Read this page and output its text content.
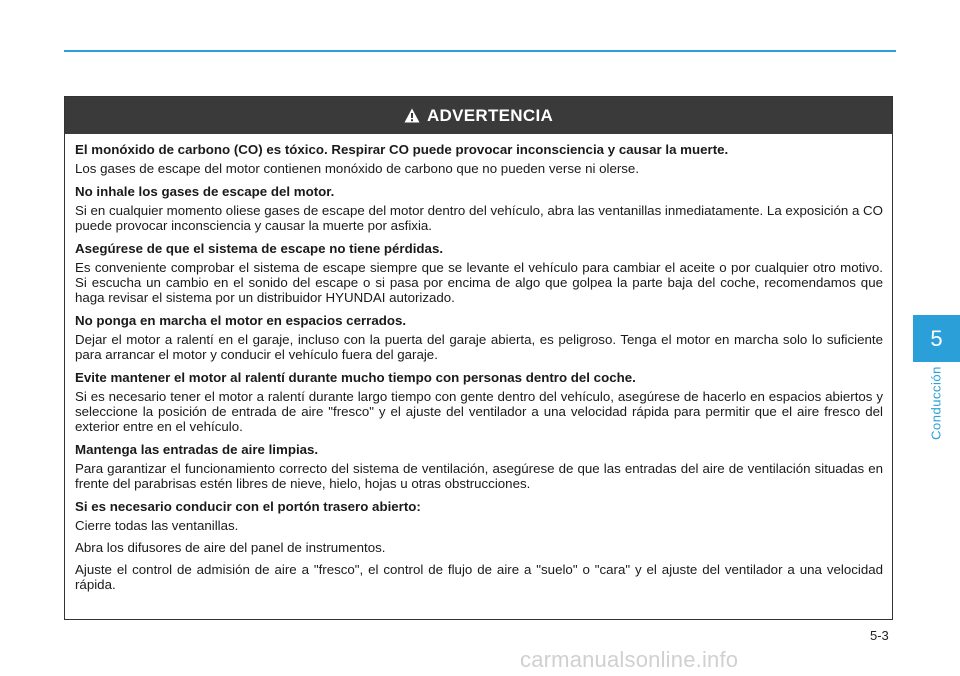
ADVERTENCIA

El monóxido de carbono (CO) es tóxico. Respirar CO puede provocar inconsciencia y causar la muerte.

Los gases de escape del motor contienen monóxido de carbono que no pueden verse ni olerse.

No inhale los gases de escape del motor.

Si en cualquier momento oliese gases de escape del motor dentro del vehículo, abra las ventanillas inmediatamente. La exposición a CO puede provocar inconsciencia y causar la muerte por asfixia.

Asegúrese de que el sistema de escape no tiene pérdidas.

Es conveniente comprobar el sistema de escape siempre que se levante el vehículo para cambiar el aceite o por cualquier otro motivo. Si escucha un cambio en el sonido del escape o si pasa por encima de algo que golpea la parte baja del coche, recomendamos que haga revisar el sistema por un distribuidor HYUNDAI autorizado.

No ponga en marcha el motor en espacios cerrados.

Dejar el motor a ralentí en el garaje, incluso con la puerta del garaje abierta, es peligroso. Tenga el motor en marcha solo lo suficiente para arrancar el motor y conducir el vehículo fuera del garaje.

Evite mantener el motor al ralentí durante mucho tiempo con personas dentro del coche.

Si es necesario tener el motor a ralentí durante largo tiempo con gente dentro del vehículo, asegúrese de hacerlo en espacios abiertos y seleccione la posición de entrada de aire "fresco" y el ajuste del ventilador a una velocidad rápida para permitir que el aire fresco del exterior entre en el vehículo.

Mantenga las entradas de aire limpias.

Para garantizar el funcionamiento correcto del sistema de ventilación, asegúrese de que las entradas del aire de ventilación situadas en frente del parabrisas estén libres de nieve, hielo, hojas u otras obstrucciones.

Si es necesario conducir con el portón trasero abierto:

Cierre todas las ventanillas.

Abra los difusores de aire del panel de instrumentos.

Ajuste el control de admisión de aire a "fresco", el control de flujo de aire a "suelo" o "cara" y el ajuste del ventilador a una velocidad rápida.

5
Conducción
5-3
carmanualsonline.info
